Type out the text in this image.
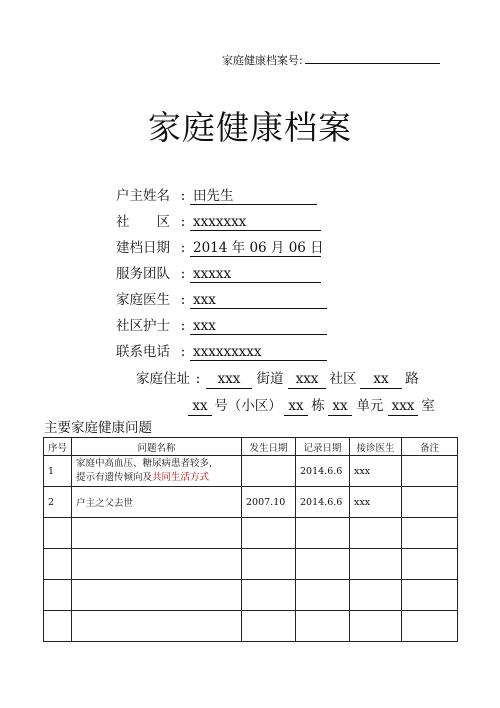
家庭健康档案号:
家庭健康档案
户主姓名 : 田先生
社　　区 : xxxxxxx
建档日期 : 2014 年 06 月 06 日
服务团队 : xxxxx
家庭医生 : xxx
社区护士 : xxx
联系电话 : xxxxxxxxx
家庭住址 : xxx 街道 xxx 社区 xx 路
xx 号（小区） xx 栋 xx 单元 xxx 室
主要家庭健康问题
序号	问题名称	发生日期	记录日期	接诊医生	备注
1	家庭中高血压、糖尿病患者较多,
提示有遗传倾向及共同生活方式		2014.6.6	xxx	
2	户主之父去世	2007.10	2014.6.6	xxx	
